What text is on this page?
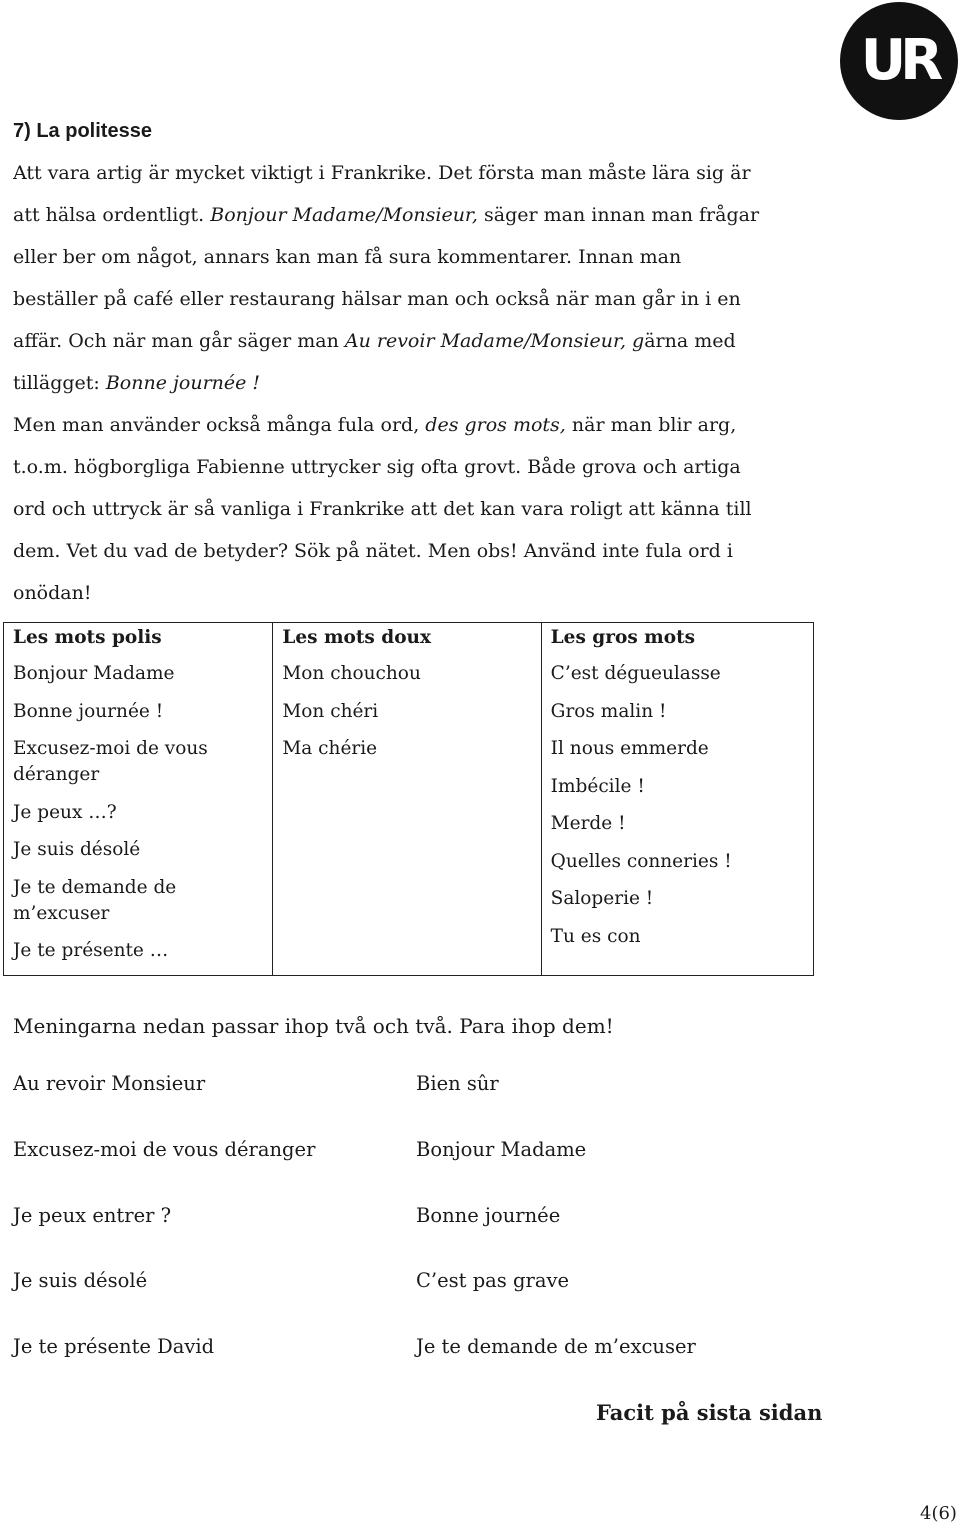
UR
7) La politesse
Att vara artig är mycket viktigt i Frankrike. Det första man måste lära sig är
att hälsa ordentligt. Bonjour Madame/Monsieur, säger man innan man frågar
eller ber om något, annars kan man få sura kommentarer. Innan man
beställer på café eller restaurang hälsar man och också när man går in i en
affär. Och när man går säger man Au revoir Madame/Monsieur, gärna med
tillägget: Bonne journée !
Men man använder också många fula ord, des gros mots, när man blir arg,
t.o.m. högborgliga Fabienne uttrycker sig ofta grovt. Både grova och artiga
ord och uttryck är så vanliga i Frankrike att det kan vara roligt att känna till
dem. Vet du vad de betyder? Sök på nätet. Men obs! Använd inte fula ord i
onödan!
Les mots polis
Bonjour Madame
Bonne journée !
Excusez-moi de vous déranger
Je peux …?
Je suis désolé
Je te demande de m’excuser
Je te présente …
Les mots doux
Mon chouchou
Mon chéri
Ma chérie
Les gros mots
C’est dégueulasse
Gros malin !
Il nous emmerde
Imbécile !
Merde !
Quelles conneries !
Saloperie !
Tu es con
Meningarna nedan passar ihop två och två. Para ihop dem!
Au revoir Monsieur
Excusez-moi de vous déranger
Je peux entrer ?
Je suis désolé
Je te présente David
Bien sûr
Bonjour Madame
Bonne journée
C’est pas grave
Je te demande de m’excuser
Facit på sista sidan
4(6)
